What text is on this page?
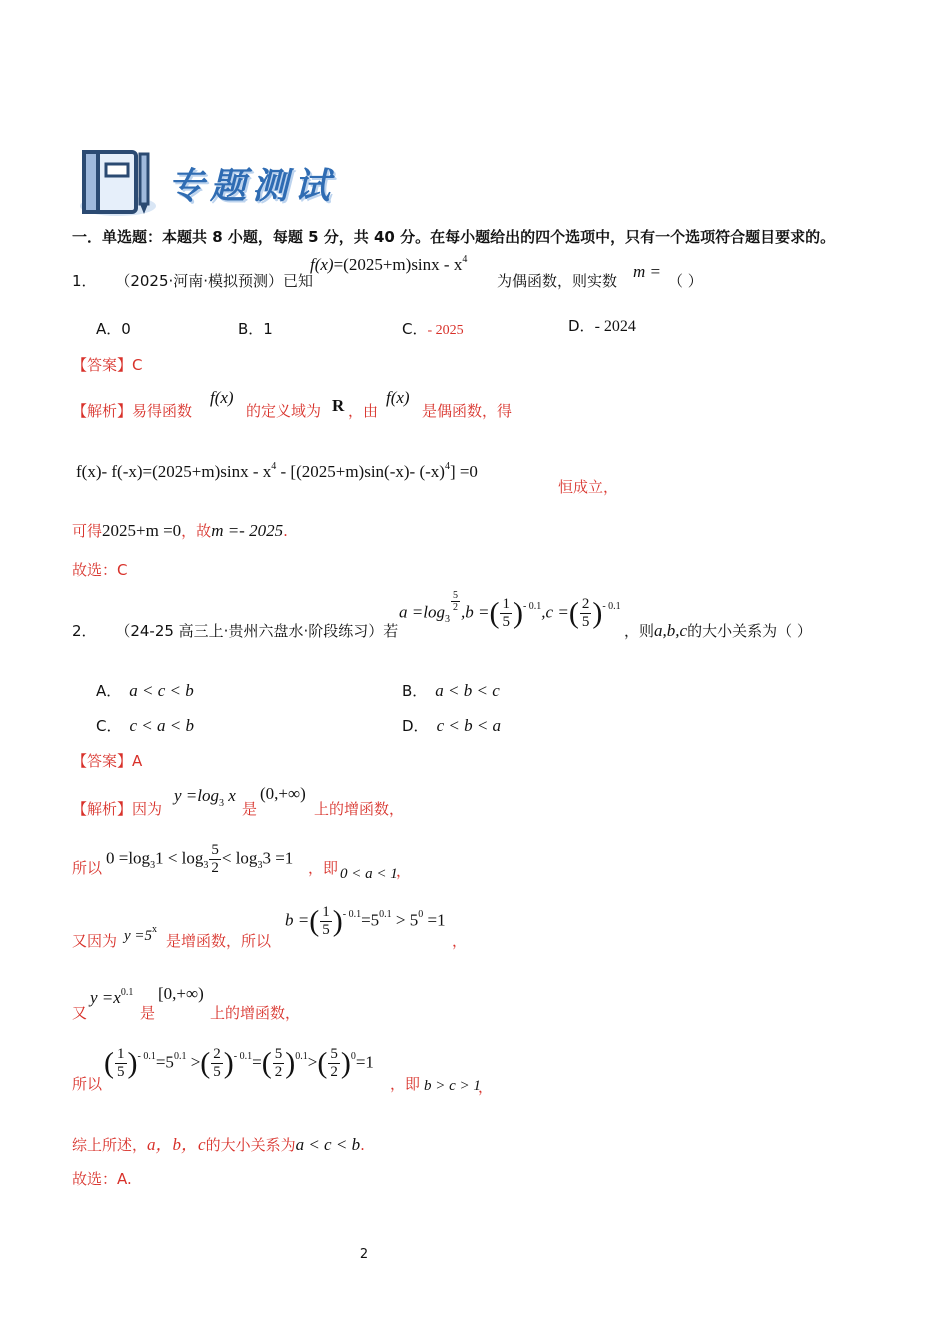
专题测试
一．单选题：本题共 8 小题，每题 5 分，共 40 分。在每小题给出的四个选项中，只有一个选项符合题目要求的。
1． （2025·河南·模拟预测）已知
$f(x)=(2025+m)\sin x - x^4$
为偶函数，则实数 m = （ ）
A．0	B．1	C．- 2025	D．- 2024
【答案】C
【解析】易得函数
f(x)
的定义域为 R ，由
f(x)
是偶函数，得
f(x)- $f(-x)=(2025+m)\sin x - x^4 - [(2025+m)\sin(-x)-$ $(-x)^4] =0$
恒成立，
可得2025+m =0，故m =- 2025.
故选：C
2． （24-25 高三上·贵州六盘水·阶段练习）若
$a =\log_3$
$\frac{5}{2} ,b$ =( $\frac{1}{5} )^{- 0.1},c$ =( $\frac{2}{5} )^{- 0.1}$
，则a,b,c的大小关系为（ ）
A． a < c < b	B． a < b < c
C． c < a < b	D． c < b < a
【答案】A
【解析】因为
$y =\log_3$ x
是
(0,+∞)
上的增函数，
所以
$0 =\log_31 < \log_3 \frac{5}{2} < \log_33 =1$
，即 0 < a < 1
，
又因为 $y =5^x$
是增函数，所以
b =( $\frac{1}{5} )^{- 0.1}=5^{0.1} > 5^0 =1$
，
又
$y =x^{0.1}$
是
[0,+∞)
上的增函数，
所以
( $\frac{1}{5} )^{- 0.1}=5^{0.1}$ >( $\frac{2}{5} )^{- 0.1}=( \frac{5}{2} )^{0.1}>( \frac{5}{2} )^0=1$
，即 b > c > 1
，
综上所述，a，b，c的大小关系为a < c < b.
故选：A.
2
